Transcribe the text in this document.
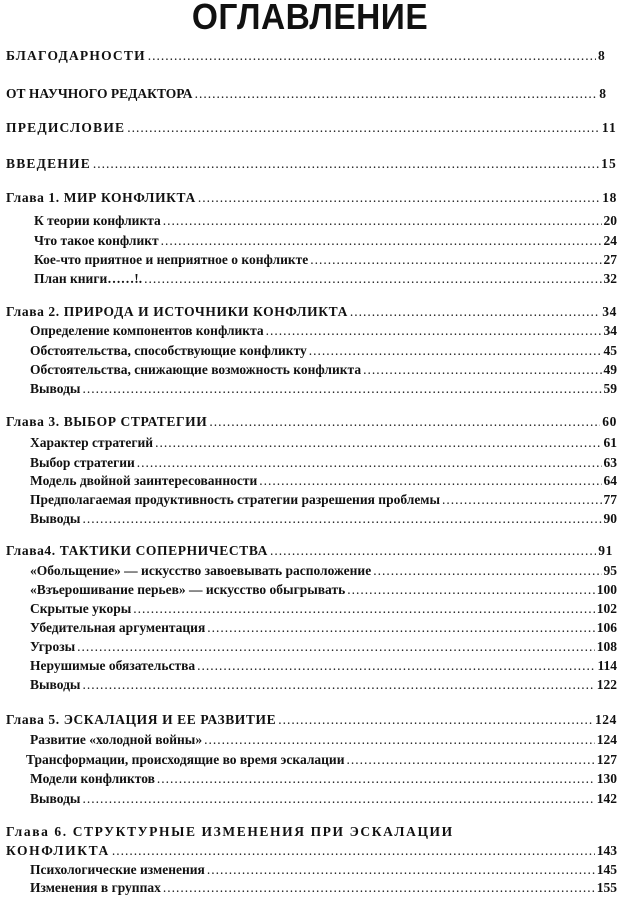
ОГЛАВЛЕНИЕ
БЛАГОДАРНОСТИ .....	8
ОТ НАУЧНОГО РЕДАКТОРА .....	8
ПРЕДИСЛОВИЕ .....	11
ВВЕДЕНИЕ .....	15
Глава 1. МИР КОНФЛИКТА .....	18
К теории конфликта .....	20
Что такое конфликт .....	24
Кое-что приятное и неприятное о конфликте .....	27
План книги……!. .....	32
Глава 2. ПРИРОДА И ИСТОЧНИКИ КОНФЛИКТА .....	34
Определение компонентов конфликта .....	34
Обстоятельства, способствующие конфликту .....	45
Обстоятельства, снижающие возможность конфликта .....	49
Выводы .....	59
Глава 3. ВЫБОР СТРАТЕГИИ .....	60
Характер стратегий .....	61
Выбор стратегии .....	63
Модель двойной заинтересованности .....	64
Предполагаемая продуктивность стратегии разрешения проблемы .....	77
Выводы .....	90
Глава4. ТАКТИКИ СОПЕРНИЧЕСТВА .....	91
«Обольщение» — искусство завоевывать расположение .....	95
«Взъерошивание перьев» — искусство обыгрывать .....	100
Скрытые укоры .....	102
Убедительная аргументация .....	106
Угрозы .....	108
Нерушимые обязательства .....	114
Выводы .....	122
Глава 5. ЭСКАЛАЦИЯ И ЕЕ РАЗВИТИЕ .....	124
Развитие «холодной войны» .....	124
Трансформации, происходящие во время эскалации .....	127
Модели конфликтов .....	130
Выводы .....	142
Глава 6. СТРУКТУРНЫЕ ИЗМЕНЕНИЯ ПРИ ЭСКАЛАЦИИ
КОНФЛИКТА .....	143
Психологические изменения .....	145
Изменения в группах .....	155
